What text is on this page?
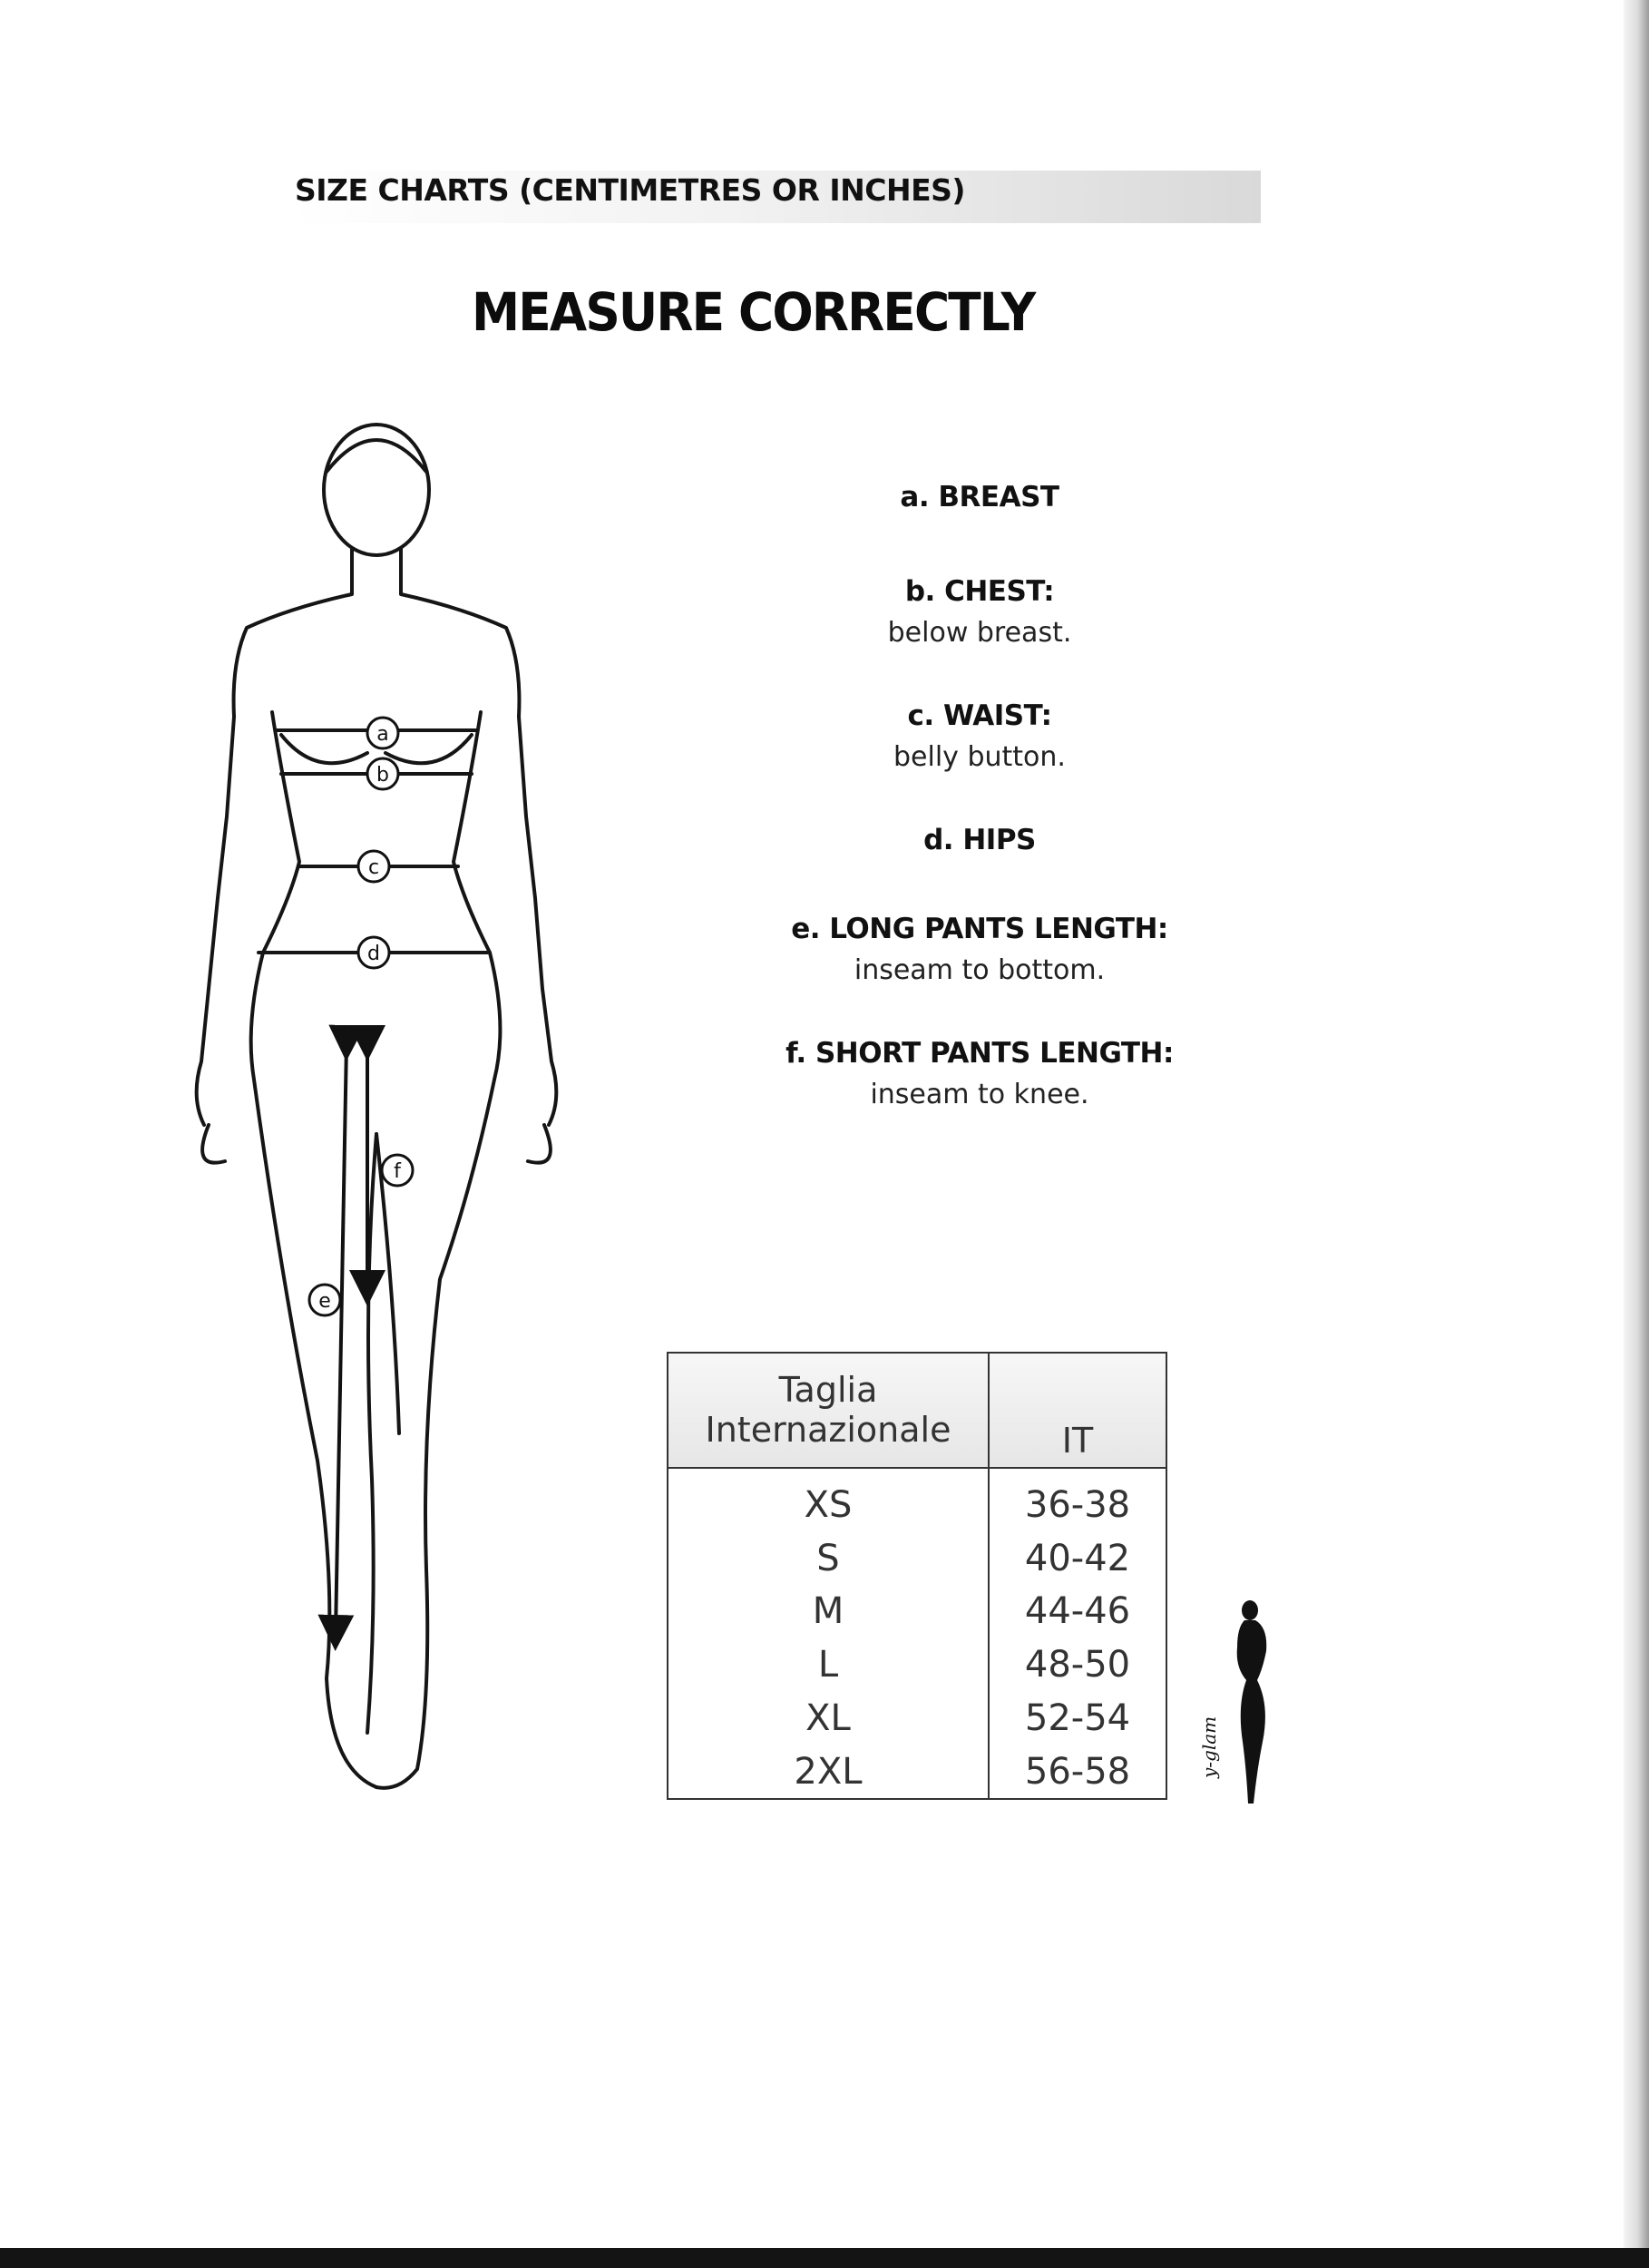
SIZE CHARTS (CENTIMETRES OR INCHES)
MEASURE CORRECTLY
a
b
c
d
e
f
a. BREAST
b. CHEST:
below breast.
c. WAIST:
belly button.
d. HIPS
e. LONG PANTS LENGTH:
inseam to bottom.
f. SHORT PANTS LENGTH:
inseam to knee.
Taglia
Internazionale	IT
XS	36-38
S	40-42
M	44-46
L	48-50
XL	52-54
2XL	56-58	y-glam
